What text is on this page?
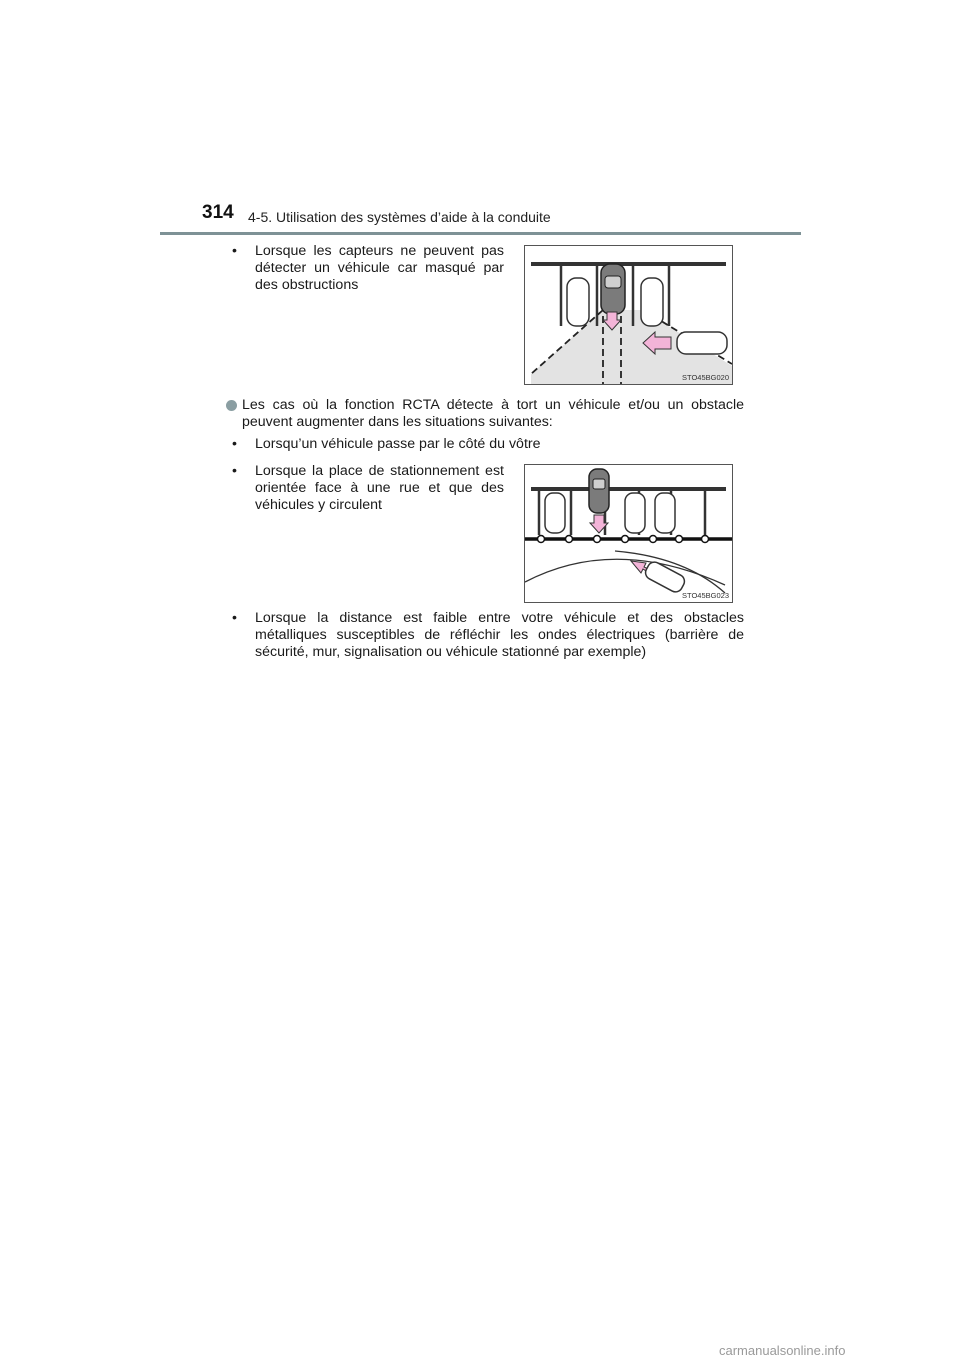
314 4-5. Utilisation des systèmes d’aide à la conduite
•	Lorsque les capteurs ne peuvent pas détecter un véhicule car masqué par des obstructions
STO45BG020
Les cas où la fonction RCTA détecte à tort un véhicule et/ou un obstacle peuvent augmenter dans les situations suivantes:
•	Lorsqu’un véhicule passe par le côté du vôtre
•	Lorsque la place de stationnement est orientée face à une rue et que des véhicules y circulent
STO45BG023
•	Lorsque la distance est faible entre votre véhicule et des obstacles métalliques susceptibles de réfléchir les ondes électriques (barrière de sécurité, mur, signalisation ou véhicule stationné par exemple)
carmanualsonline.info
